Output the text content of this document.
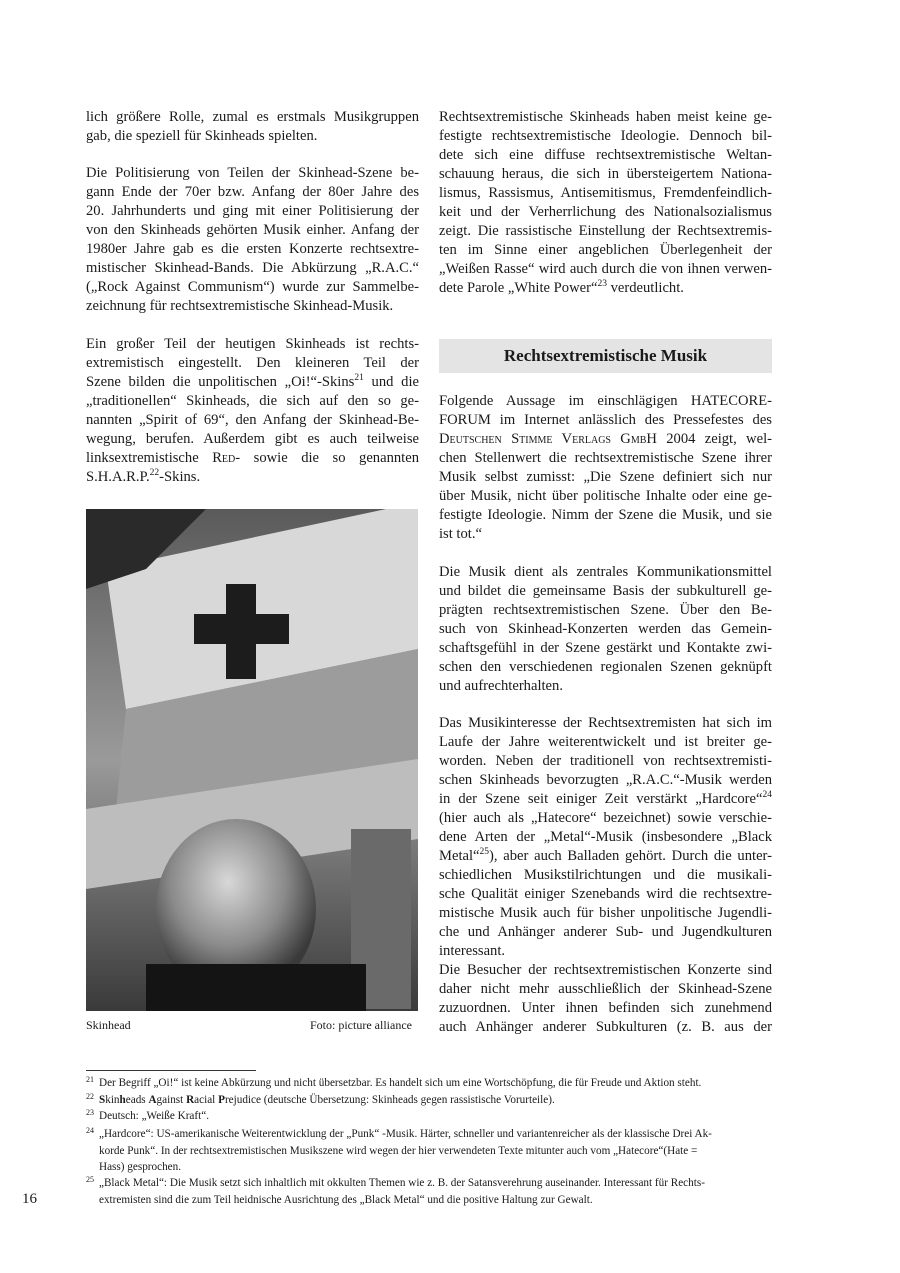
lich größere Rolle, zumal es erstmals Musikgruppen
gab, die speziell für Skinheads spielten.
Die Politisierung von Teilen der Skinhead-Szene be-
gann Ende der 70er bzw. Anfang der 80er Jahre des
20. Jahrhunderts und ging mit einer Politisierung der
von den Skinheads gehörten Musik einher. Anfang der
1980er Jahre gab es die ersten Konzerte rechtsextre-
mistischer Skinhead-Bands. Die Abkürzung „R.A.C.“
(„Rock Against Communism“) wurde zur Sammelbe-
zeichnung für rechtsextremistische Skinhead-Musik.
Ein großer Teil der heutigen Skinheads ist rechts-
extremistisch eingestellt. Den kleineren Teil der
Szene bilden die unpolitischen „Oi!“-Skins$^{21}$ und die
„traditionellen“ Skinheads, die sich auf den so ge-
nannten „Spirit of 69“, den Anfang der Skinhead-Be-
wegung, berufen. Außerdem gibt es auch teilweise
linksextremistische Red- sowie die so genannten
S.H.A.R.P.$^{22}$-Skins.
Skinhead	Foto: picture alliance
Rechtsextremistische Skinheads haben meist keine ge-
festigte rechtsextremistische Ideologie. Dennoch bil-
dete sich eine diffuse rechtsextremistische Weltan-
schauung heraus, die sich in übersteigertem Nationa-
lismus, Rassismus, Antisemitismus, Fremdenfeindlich-
keit und der Verherrlichung des Nationalsozialismus
zeigt. Die rassistische Einstellung der Rechtsextremis-
ten im Sinne einer angeblichen Überlegenheit der
„Weißen Rasse“ wird auch durch die von ihnen verwen-
dete Parole „White Power“$^{23}$ verdeutlicht.
Rechtsextremistische Musik
Folgende Aussage im einschlägigen HATECORE-
FORUM im Internet anlässlich des Pressefestes des
Deutschen Stimme Verlags GmbH 2004 zeigt, wel-
chen Stellenwert die rechtsextremistische Szene ihrer
Musik selbst zumisst: „Die Szene definiert sich nur
über Musik, nicht über politische Inhalte oder eine ge-
festigte Ideologie. Nimm der Szene die Musik, und sie
ist tot.“
Die Musik dient als zentrales Kommunikationsmittel
und bildet die gemeinsame Basis der subkulturell ge-
prägten rechtsextremistischen Szene. Über den Be-
such von Skinhead-Konzerten werden das Gemein-
schaftsgefühl in der Szene gestärkt und Kontakte zwi-
schen den verschiedenen regionalen Szenen geknüpft
und aufrechterhalten.
Das Musikinteresse der Rechtsextremisten hat sich im
Laufe der Jahre weiterentwickelt und ist breiter ge-
worden. Neben der traditionell von rechtsextremisti-
schen Skinheads bevorzugten „R.A.C.“-Musik werden
in der Szene seit einiger Zeit verstärkt „Hardcore“$^{24}$
(hier auch als „Hatecore“ bezeichnet) sowie verschie-
dene Arten der „Metal“-Musik (insbesondere „Black
Metal“$^{25}$), aber auch Balladen gehört. Durch die unter-
schiedlichen Musikstilrichtungen und die musikali-
sche Qualität einiger Szenebands wird die rechtsextre-
mistische Musik auch für bisher unpolitische Jugendli-
che und Anhänger anderer Sub- und Jugendkulturen
interessant.
Die Besucher der rechtsextremistischen Konzerte sind
daher nicht mehr ausschließlich der Skinhead-Szene
zuzuordnen. Unter ihnen befinden sich zunehmend
auch Anhänger anderer Subkulturen (z. B. aus der
21 Der Begriff „Oi!“ ist keine Abkürzung und nicht übersetzbar. Es handelt sich um eine Wortschöpfung, die für Freude und Aktion steht.
22 Skinheads Against Racial Prejudice (deutsche Übersetzung: Skinheads gegen rassistische Vorurteile).
23 Deutsch: „Weiße Kraft“.
24 „Hardcore“: US-amerikanische Weiterentwicklung der „Punk“ -Musik. Härter, schneller und variantenreicher als der klassische Drei Ak-
korde Punk“. In der rechtsextremistischen Musikszene wird wegen der hier verwendeten Texte mitunter auch vom „Hatecore“(Hate =
Hass) gesprochen.
25 „Black Metal“: Die Musik setzt sich inhaltlich mit okkulten Themen wie z. B. der Satansverehrung auseinander. Interessant für Rechts-
extremisten sind die zum Teil heidnische Ausrichtung des „Black Metal“ und die positive Haltung zur Gewalt.
16
